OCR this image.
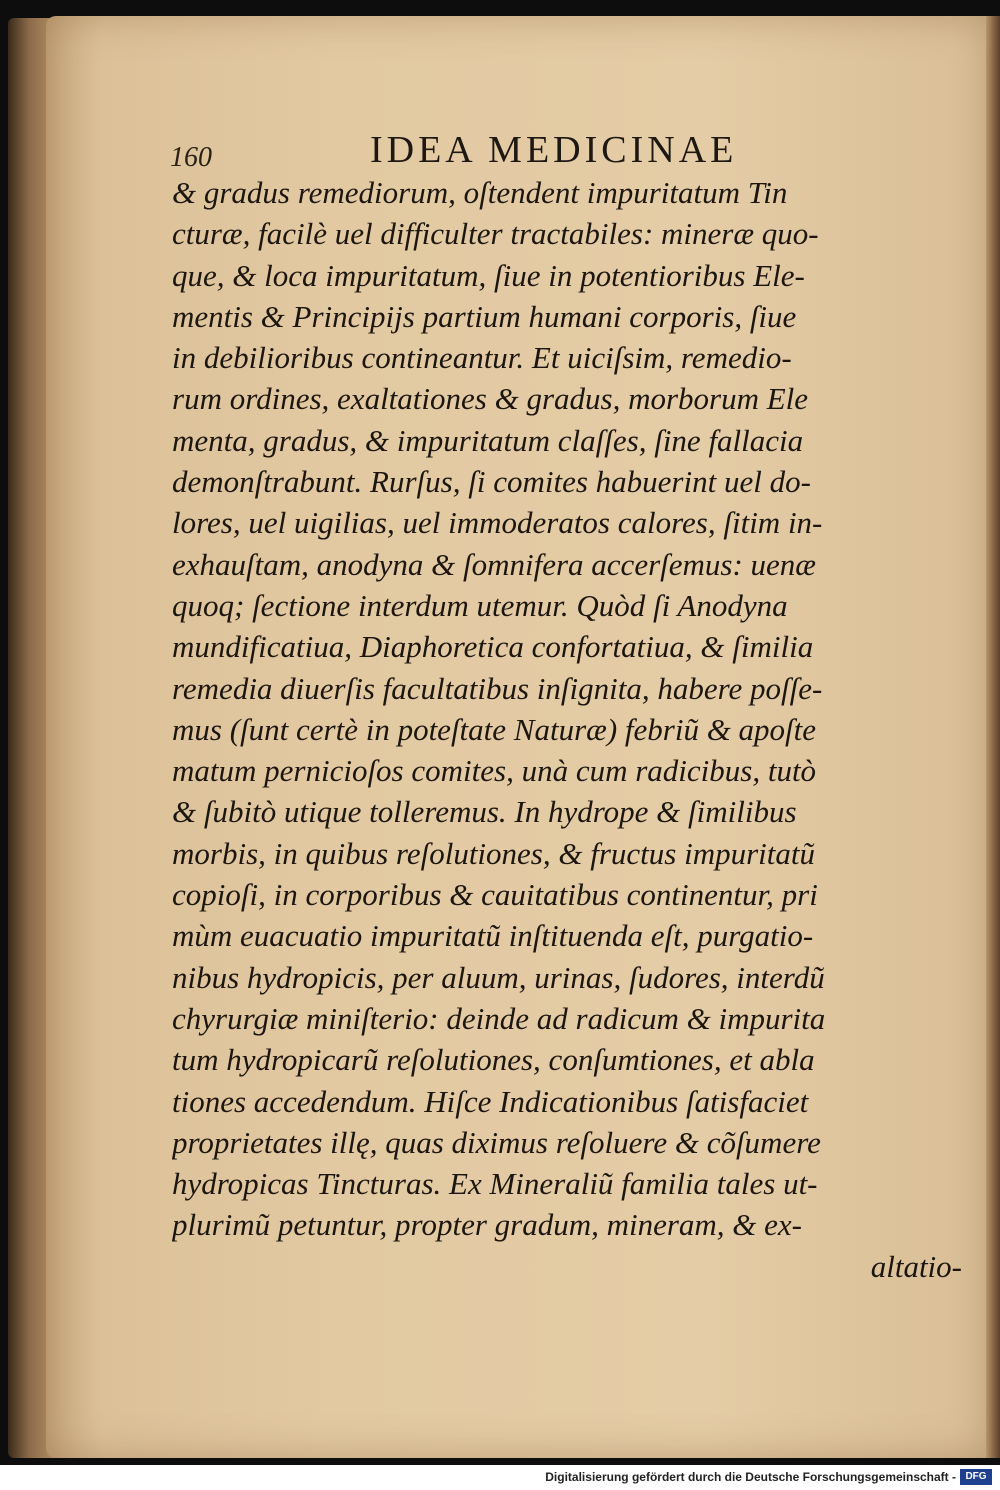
160	IDEA MEDICINAE
& gradus remediorum, oſtendent impuritatum Tin
cturæ, facilè uel difficulter tractabiles: mineræ quo-
que, & loca impuritatum, ſiue in potentioribus Ele-
mentis & Principijs partium humani corporis, ſiue
in debilioribus contineantur. Et uiciſsim, remedio-
rum ordines, exaltationes & gradus, morborum Ele
menta, gradus, & impuritatum claſſes, ſine fallacia
demonſtrabunt. Rurſus, ſi comites habuerint uel do-
lores, uel uigilias, uel immoderatos calores, ſitim in-
exhauſtam, anodyna & ſomnifera accerſemus: uenæ
quoq; ſectione interdum utemur. Quòd ſi Anodyna
mundificatiua, Diaphoretica confortatiua, & ſimilia
remedia diuerſis facultatibus inſignita, habere poſſe-
mus (ſunt certè in poteſtate Naturæ) febriũ & apoſte
matum pernicioſos comites, unà cum radicibus, tutò
& ſubitò utique tolleremus. In hydrope & ſimilibus
morbis, in quibus reſolutiones, & fructus impuritatũ
copioſi, in corporibus & cauitatibus continentur, pri
mùm euacuatio impuritatũ inſtituenda eſt, purgatio-
nibus hydropicis, per aluum, urinas, ſudores, interdũ
chyrurgiæ miniſterio: deinde ad radicum & impurita
tum hydropicarũ reſolutiones, conſumtiones, et abla
tiones accedendum. Hiſce Indicationibus ſatisfaciet
proprietates illę, quas diximus reſoluere & cõſumere
hydropicas Tincturas. Ex Mineraliũ familia tales ut-
plurimũ petuntur, propter gradum, mineram, & ex-
altatio-
Digitalisierung gefördert durch die Deutsche Forschungsgemeinschaft - DFG
